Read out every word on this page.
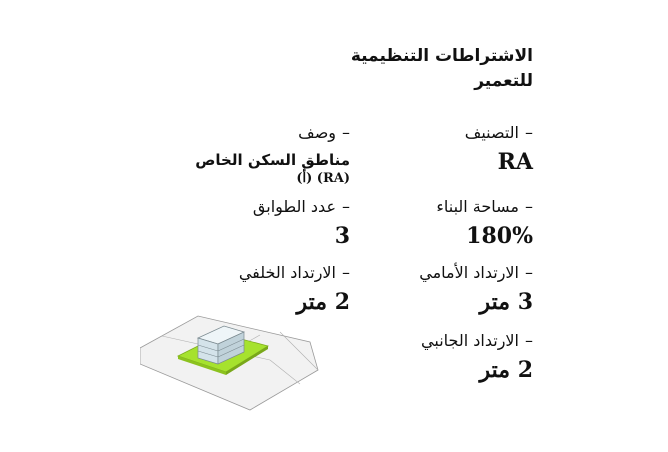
الاشتراطات التنظيمية
للتعمير
–
التصنيف
RA
–
مساحة البناء
180%
–
الارتداد الأمامي
3 متر
–
الارتداد الجانبي
2 متر
–
وصف
مناطق السكن الخاص
(RA) (أ)
–
عدد الطوابق
3
–
الارتداد الخلفي
2 متر
